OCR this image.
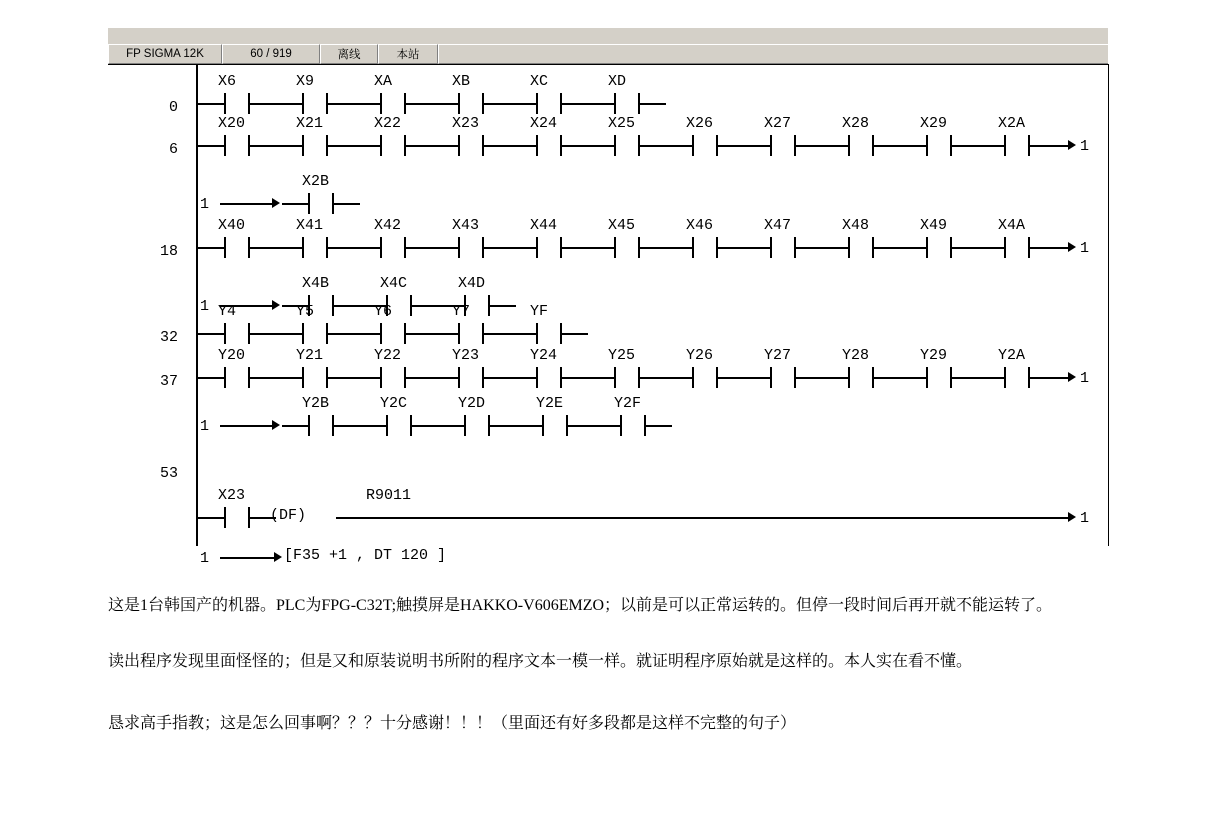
FP SIGMA 12K	60 / 919	离线	本站
0
X6	X9	XA	XB	XC	XD
6
X20	X21	X22	X23	X24	X25	X26	X27	X28	X29	X2A
1
1
X2B
18
X40	X41	X42	X43	X44	X45	X46	X47	X48	X49	X4A
1
1
X4B	X4C	X4D
32
Y4	Y5	Y6	Y7	YF
37
Y20	Y21	Y22	Y23	Y24	Y25	Y26	Y27	Y28	Y29	Y2A
1
1
Y2B	Y2C	Y2D	Y2E	Y2F
53
X23
(DF)
R9011
1
1	[F35 +1 , DT 120 ]
这是1台韩国产的机器。PLC为FPG-C32T;触摸屏是HAKKO-V606EMZO；以前是可以正常运转的。但停一段时间后再开就不能运转了。
读出程序发现里面怪怪的；但是又和原装说明书所附的程序文本一模一样。就证明程序原始就是这样的。本人实在看不懂。
恳求高手指教；这是怎么回事啊？？？十分感谢！！！（里面还有好多段都是这样不完整的句子）
